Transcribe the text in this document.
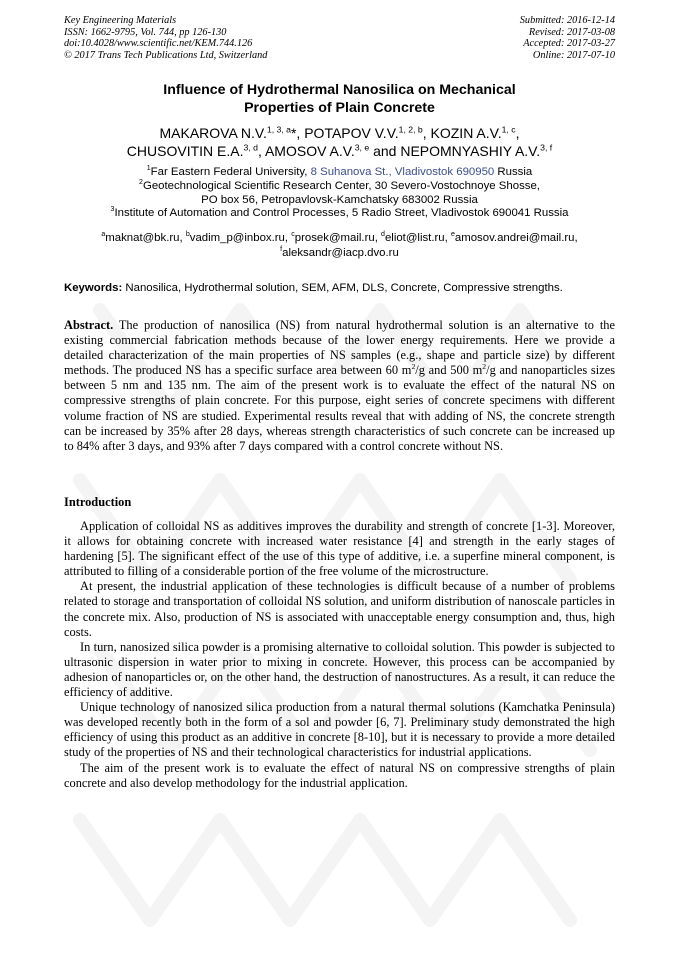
Key Engineering Materials
ISSN: 1662-9795, Vol. 744, pp 126-130
doi:10.4028/www.scientific.net/KEM.744.126
© 2017 Trans Tech Publications Ltd, Switzerland
Submitted: 2016-12-14
Revised: 2017-03-08
Accepted: 2017-03-27
Online: 2017-07-10
Influence of Hydrothermal Nanosilica on Mechanical
Properties of Plain Concrete
MAKAROVA N.V.$^{1, 3, a}$*, POTAPOV V.V.$^{1, 2, b}$, KOZIN A.V.$^{1, c}$,
CHUSOVITIN E.A.$^{3, d}$, AMOSOV A.V.$^{3, e}$ and NEPOMNYASHIY A.V.$^{3, f}$
$^1$Far Eastern Federal University, 8 Suhanova St., Vladivostok 690950 Russia
$^2$Geotechnological Scientific Research Center, 30 Severo-Vostochnoye Shosse,
PO box 56, Petropavlovsk-Kamchatsky 683002 Russia
$^3$Institute of Automation and Control Processes, 5 Radio Street, Vladivostok 690041 Russia
$^a$maknat@bk.ru, $^b$vadim_p@inbox.ru, $^c$prosek@mail.ru, $^d$eliot@list.ru, $^e$amosov.andrei@mail.ru,
$^f$aleksandr@iacp.dvo.ru
Keywords: Nanosilica, Hydrothermal solution, SEM, AFM, DLS, Concrete, Compressive strengths.

Abstract. The production of nanosilica (NS) from natural hydrothermal solution is an alternative to the existing commercial fabrication methods because of the lower energy requirements. Here we provide a detailed characterization of the main properties of NS samples (e.g., shape and particle size) by different methods. The produced NS has a specific surface area between 60 $m^2/g$ and 500 $m^2/g$ and nanoparticles sizes between 5 nm and 135 nm. The aim of the present work is to evaluate the effect of the natural NS on compressive strengths of plain concrete. For this purpose, eight series of concrete specimens with different volume fraction of NS are studied. Experimental results reveal that with adding of NS, the concrete strength can be increased by 35% after 28 days, whereas strength characteristics of such concrete can be increased up to 84% after 3 days, and 93% after 7 days compared with a control concrete without NS.

Introduction

Application of colloidal NS as additives improves the durability and strength of concrete [1-3]. Moreover, it allows for obtaining concrete with increased water resistance [4] and strength in the early stages of hardening [5]. The significant effect of the use of this type of additive, i.e. a superfine mineral component, is attributed to filling of a considerable portion of the free volume of the microstructure.

At present, the industrial application of these technologies is difficult because of a number of problems related to storage and transportation of colloidal NS solution, and uniform distribution of nanoscale particles in the concrete mix. Also, production of NS is associated with unacceptable energy consumption and, thus, high costs.

In turn, nanosized silica powder is a promising alternative to colloidal solution. This powder is subjected to ultrasonic dispersion in water prior to mixing in concrete. However, this process can be accompanied by adhesion of nanoparticles or, on the other hand, the destruction of nanostructures. As a result, it can reduce the efficiency of additive.

Unique technology of nanosized silica production from a natural thermal solutions (Kamchatka Peninsula) was developed recently both in the form of a sol and powder [6, 7]. Preliminary study demonstrated the high efficiency of using this product as an additive in concrete [8-10], but it is necessary to provide a more detailed study of the properties of NS and their technological characteristics for industrial applications.

The aim of the present work is to evaluate the effect of natural NS on compressive strengths of plain concrete and also develop methodology for the industrial application.
